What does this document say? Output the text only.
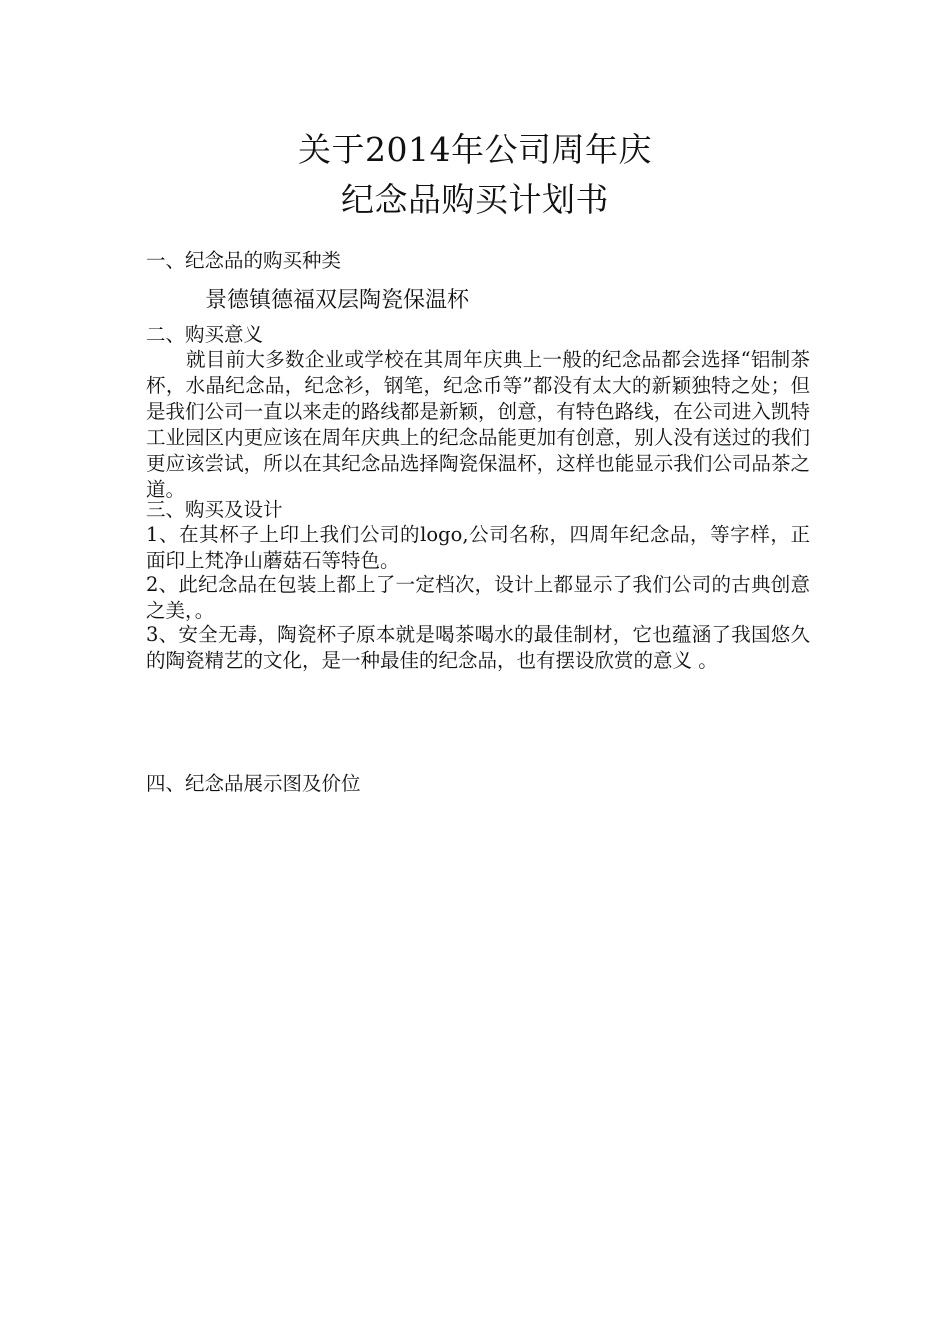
关于2014年公司周年庆
纪念品购买计划书
一、纪念品的购买种类
景德镇德福双层陶瓷保温杯
二、购买意义
就目前大多数企业或学校在其周年庆典上一般的纪念品都会选择“铝制茶杯，水晶纪念品，纪念衫，钢笔，纪念币等”都没有太大的新颖独特之处；但是我们公司一直以来走的路线都是新颖，创意，有特色路线，在公司进入凯特工业园区内更应该在周年庆典上的纪念品能更加有创意，别人没有送过的我们更应该尝试，所以在其纪念品选择陶瓷保温杯，这样也能显示我们公司品茶之道。
三、购买及设计
1、在其杯子上印上我们公司的logo,公司名称，四周年纪念品，等字样，正面印上梵净山蘑菇石等特色。
2、此纪念品在包装上都上了一定档次，设计上都显示了我们公司的古典创意之美，。
3、安全无毒，陶瓷杯子原本就是喝茶喝水的最佳制材，它也蕴涵了我国悠久的陶瓷精艺的文化，是一种最佳的纪念品，也有摆设欣赏的意义 。
四、纪念品展示图及价位
